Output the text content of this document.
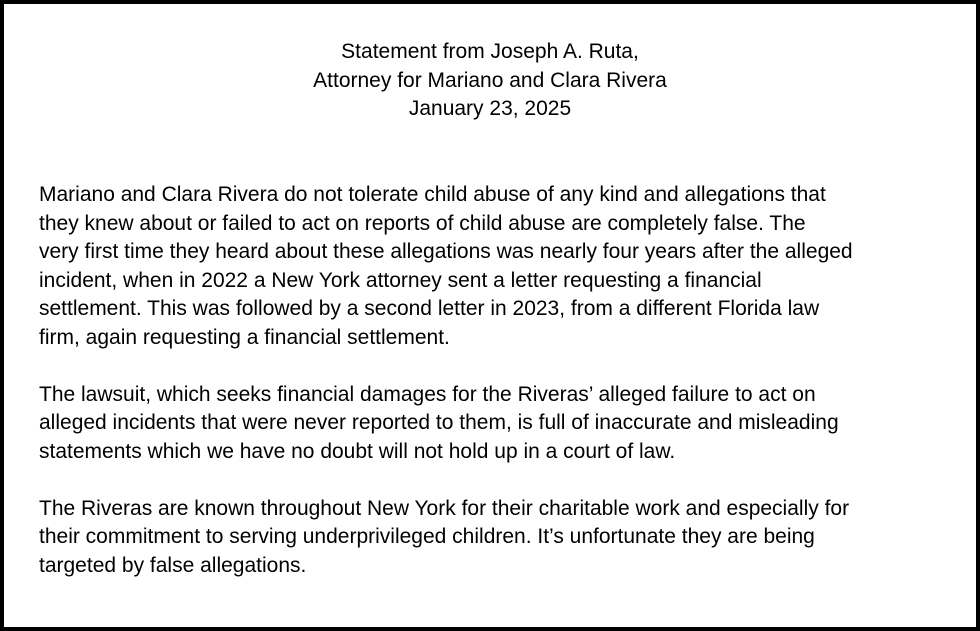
Statement from Joseph A. Ruta,
Attorney for Mariano and Clara Rivera
January 23, 2025
Mariano and Clara Rivera do not tolerate child abuse of any kind and allegations that
they knew about or failed to act on reports of child abuse are completely false. The
very first time they heard about these allegations was nearly four years after the alleged
incident, when in 2022 a New York attorney sent a letter requesting a financial
settlement. This was followed by a second letter in 2023, from a different Florida law
firm, again requesting a financial settlement.
The lawsuit, which seeks financial damages for the Riveras’ alleged failure to act on
alleged incidents that were never reported to them, is full of inaccurate and misleading
statements which we have no doubt will not hold up in a court of law.
The Riveras are known throughout New York for their charitable work and especially for
their commitment to serving underprivileged children. It’s unfortunate they are being
targeted by false allegations.
